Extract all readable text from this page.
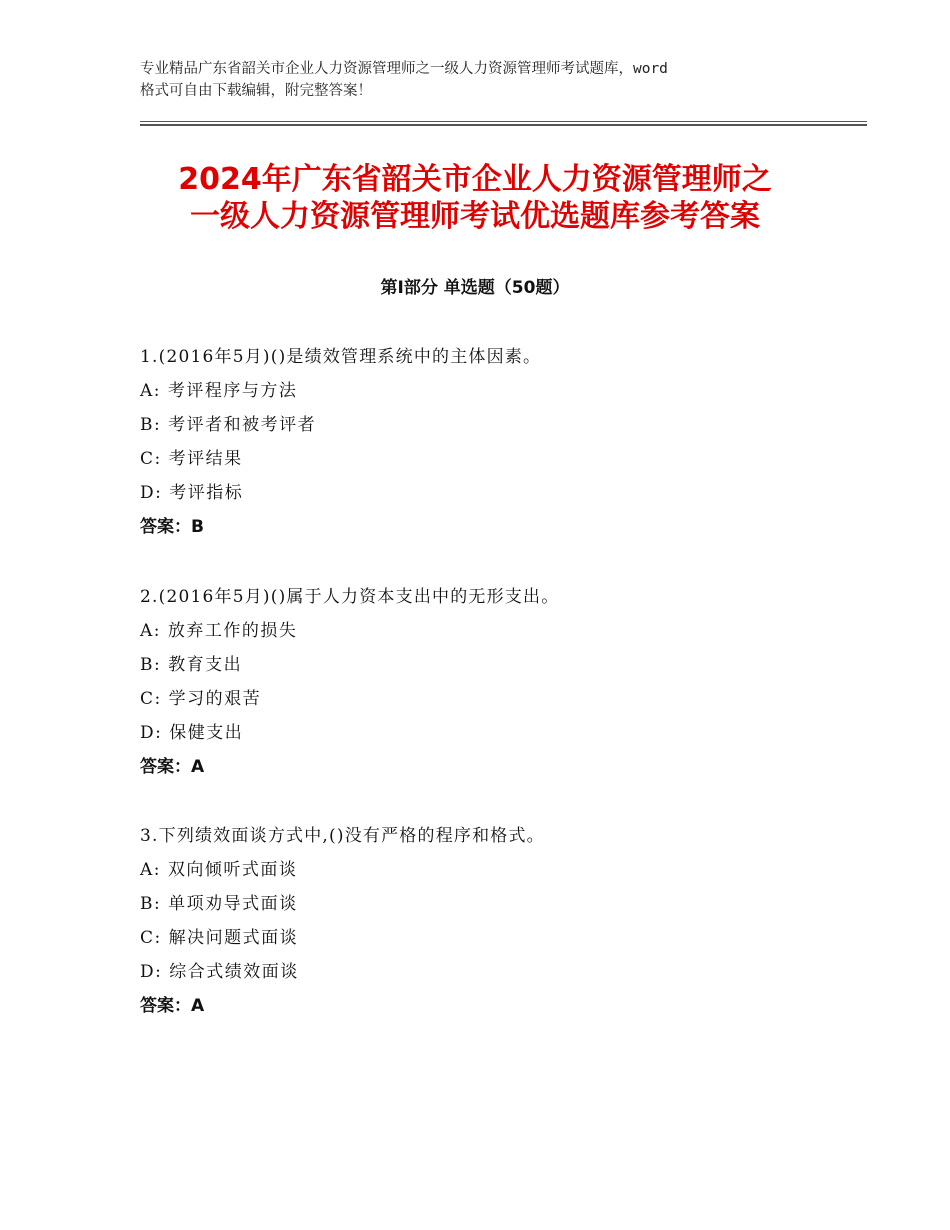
专业精品广东省韶关市企业人力资源管理师之一级人力资源管理师考试题库，word
格式可自由下载编辑，附完整答案！
2024年广东省韶关市企业人力资源管理师之
一级人力资源管理师考试优选题库参考答案
第Ⅰ部分 单选题（50题）
1.(2016年5月)()是绩效管理系统中的主体因素。
A: 考评程序与方法
B: 考评者和被考评者
C: 考评结果
D: 考评指标
答案：B
2.(2016年5月)()属于人力资本支出中的无形支出。
A: 放弃工作的损失
B: 教育支出
C: 学习的艰苦
D: 保健支出
答案：A
3.下列绩效面谈方式中,()没有严格的程序和格式。
A: 双向倾听式面谈
B: 单项劝导式面谈
C: 解决问题式面谈
D: 综合式绩效面谈
答案：A
